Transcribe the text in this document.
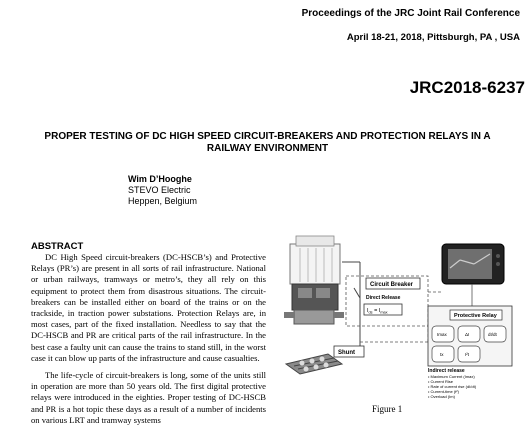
Proceedings of the JRC Joint Rail Conference
April 18-21, 2018, Pittsburgh, PA , USA
JRC2018-6237
PROPER TESTING OF DC HIGH SPEED CIRCUIT-BREAKERS AND PROTECTION RELAYS IN A RAILWAY ENVIRONMENT
Wim D’Hooghe
STEVO Electric
Heppen, Belgium
ABSTRACT
DC High Speed circuit-breakers (DC-HSCB’s) and Protective Relays (PR’s) are present in all sorts of rail infrastructure. National or urban railways, tramways or metro’s, they all rely on this equipment to protect them from disastrous situations. The circuit-breakers can be installed either on board of the trains or on the trackside, in traction power substations. Protection Relays are, in most cases, part of the fixed installation. Needless to say that the DC-HSCB and PR are critical parts of the rail infrastructure. In the best case a faulty unit can cause the trains to stand still, in the worst case it can blow up parts of the infrastructure and cause casualties.
The life-cycle of circuit-breakers is long, some of the units still in operation are more than 50 years old. The first digital protective relays were introduced in the eighties. Proper testing of DC-HSCB and PR is a hot topic these days as a result of a number of incidents on various LRT and tramway systems
Circuit Breaker
Direct Release
$I_{ds} = I_{max}$
Protective Relay
Imax	ΔI	dI/dt
tx	I²t
Shunt
Indirect release
• Maximum Current (Imax)
• Current Rise
• Rate of current rise (dI/dt)
• Current-time (t²)
• Overload (Im)
Figure 1
